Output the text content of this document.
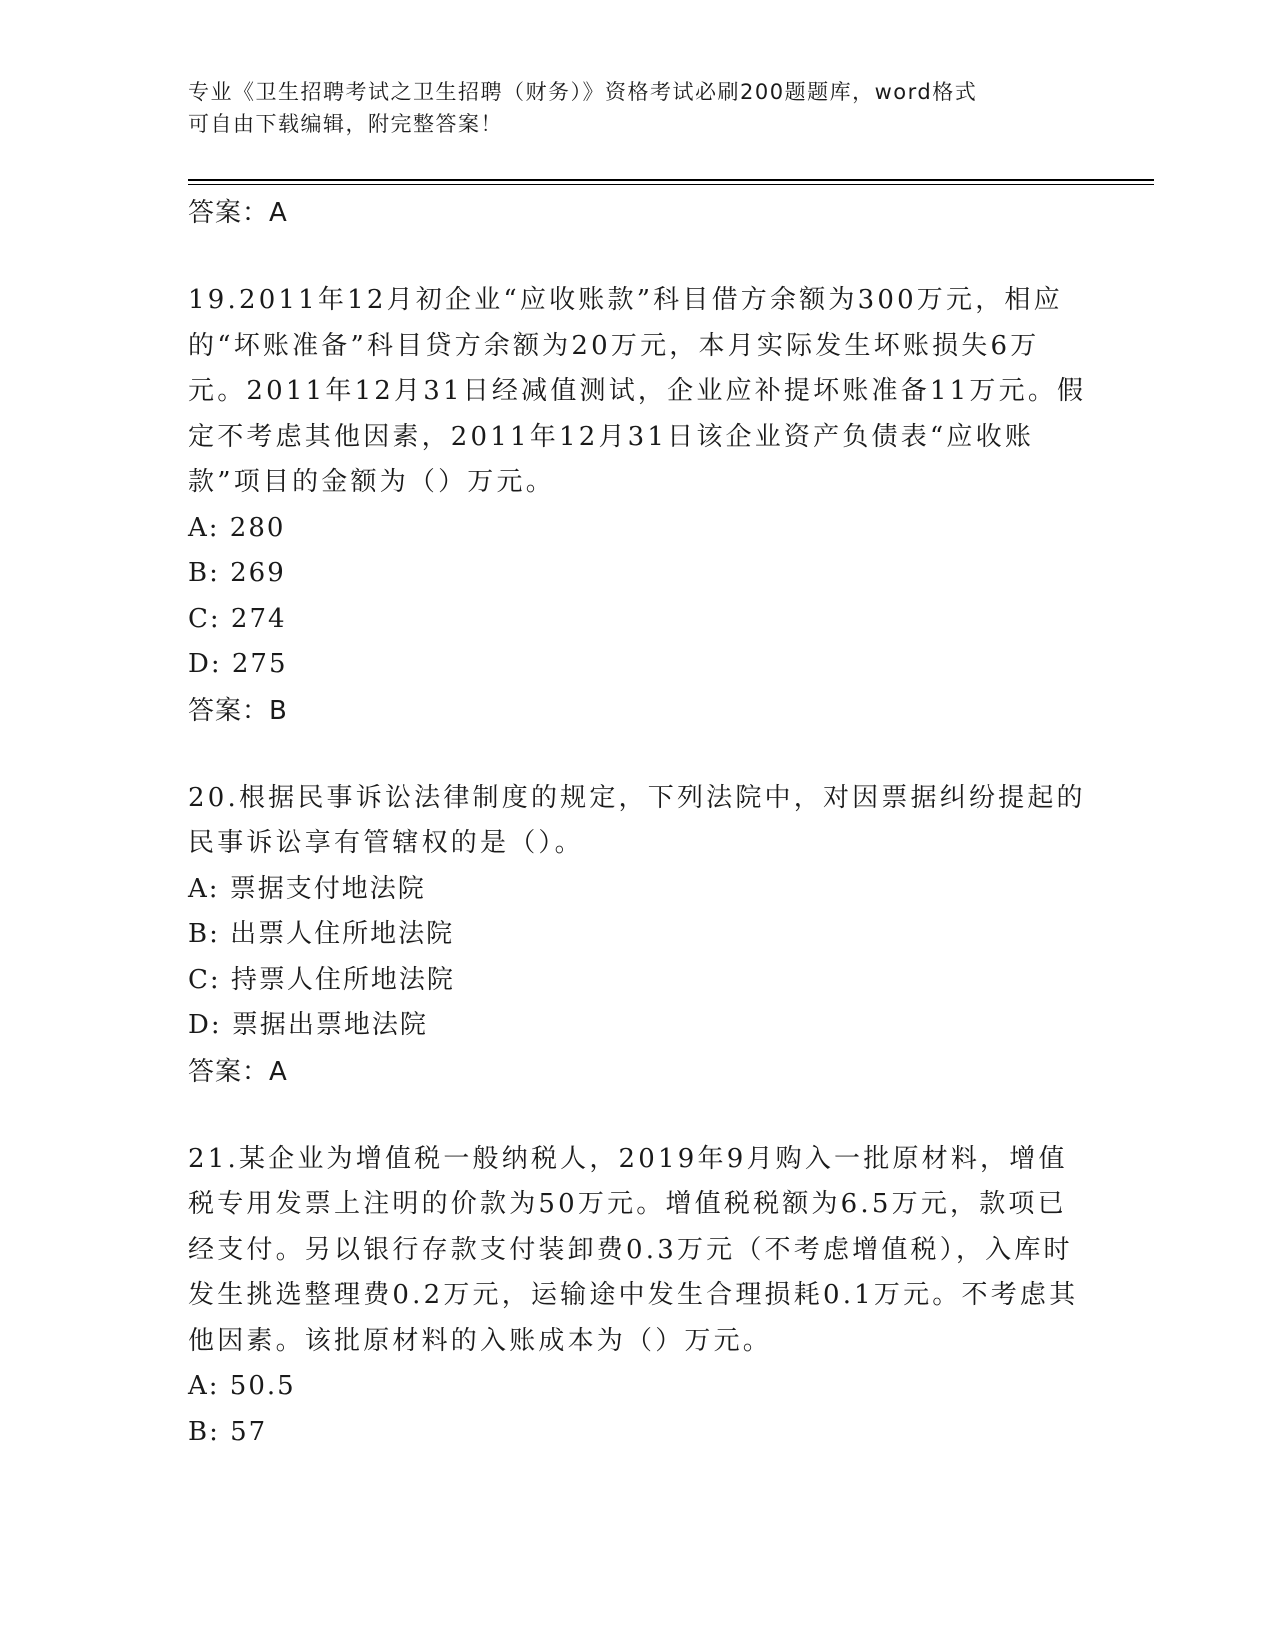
专业《卫生招聘考试之卫生招聘（财务）》资格考试必刷200题题库，word格式
可自由下载编辑，附完整答案！

答案：A

19.2011年12月初企业“应收账款”科目借方余额为300万元，相应的“坏账准备”科目贷方余额为20万元，本月实际发生坏账损失6万元。2011年12月31日经减值测试，企业应补提坏账准备11万元。假定不考虑其他因素，2011年12月31日该企业资产负债表“应收账款”项目的金额为（）万元。

A: 280

B: 269

C: 274

D: 275

答案：B

20.根据民事诉讼法律制度的规定，下列法院中，对因票据纠纷提起的民事诉讼享有管辖权的是（）。

A: 票据支付地法院

B: 出票人住所地法院

C: 持票人住所地法院

D: 票据出票地法院

答案：A

21.某企业为增值税一般纳税人，2019年9月购入一批原材料，增值税专用发票上注明的价款为50万元。增值税税额为6.5万元，款项已经支付。另以银行存款支付装卸费0.3万元（不考虑增值税），入库时发生挑选整理费0.2万元，运输途中发生合理损耗0.1万元。不考虑其他因素。该批原材料的入账成本为（）万元。

A: 50.5

B: 57
